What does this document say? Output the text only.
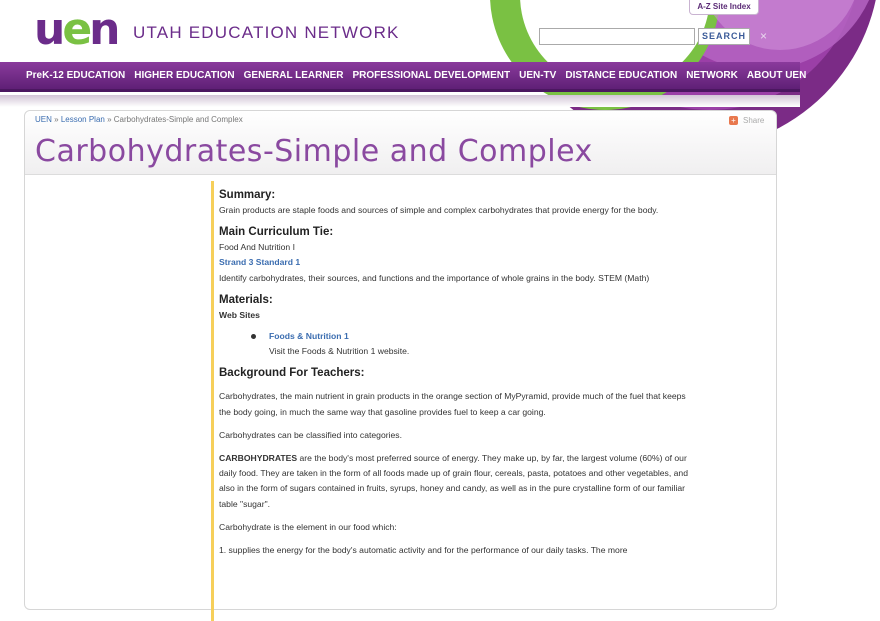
uen UTAH EDUCATION NETWORK
A-Z Site Index
SEARCH	×
PreK-12 EDUCATION HIGHER EDUCATION GENERAL LEARNER PROFESSIONAL DEVELOPMENT UEN-TV DISTANCE EDUCATION NETWORK ABOUT UEN
UEN » Lesson Plan » Carbohydrates-Simple and Complex	+ Share
Carbohydrates-Simple and Complex
Summary:

Grain products are staple foods and sources of simple and complex carbohydrates that provide energy for the body.

Main Curriculum Tie:

Food And Nutrition I

Strand 3 Standard 1

Identify carbohydrates, their sources, and functions and the importance of whole grains in the body. STEM (Math)

Materials:

Web Sites

Foods & Nutrition 1

Visit the Foods & Nutrition 1 website.

Background For Teachers:

Carbohydrates, the main nutrient in grain products in the orange section of MyPyramid, provide much of the fuel that keeps the body going, in much the same way that gasoline provides fuel to keep a car going.

Carbohydrates can be classified into categories.

CARBOHYDRATES are the body's most preferred source of energy. They make up, by far, the largest volume (60%) of our daily food. They are taken in the form of all foods made up of grain flour, cereals, pasta, potatoes and other vegetables, and also in the form of sugars contained in fruits, syrups, honey and candy, as well as in the pure crystalline form of our familiar table "sugar".

Carbohydrate is the element in our food which:

1. supplies the energy for the body's automatic activity and for the performance of our daily tasks. The more
